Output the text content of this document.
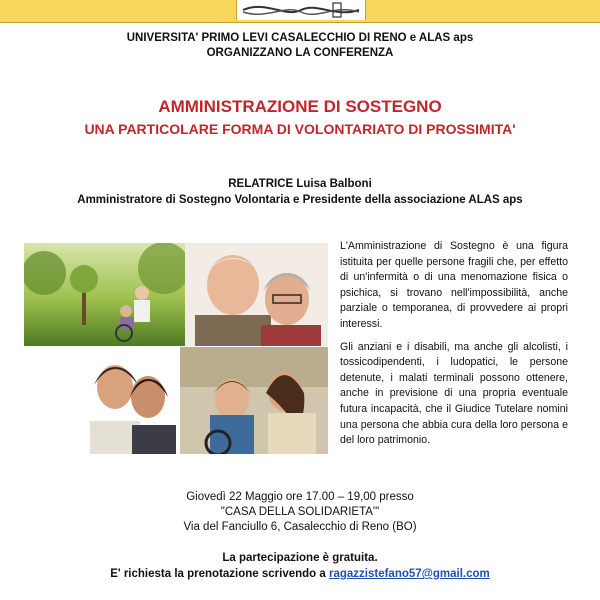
UNIVERSITA' PRIMO LEVI CASALECCHIO DI RENO e ALAS aps
ORGANIZZANO LA CONFERENZA
AMMINISTRAZIONE DI SOSTEGNO
UNA PARTICOLARE FORMA DI VOLONTARIATO DI PROSSIMITA'
RELATRICE Luisa Balboni
Amministratore di Sostegno Volontaria e Presidente della associazione ALAS aps

L'Amministrazione di Sostegno è una figura istituita per quelle persone fragili che, per effetto di un'infermità o di una menomazione fisica o psichica, si trovano nell'impossibilità, anche parziale o temporanea, di provvedere ai propri interessi.

Gli anziani e i disabili, ma anche gli alcolisti, i tossicodipendenti, i ludopatici, le persone detenute, i malati terminali possono ottenere, anche in previsione di una propria eventuale futura incapacità, che il Giudice Tutelare nomini una persona che abbia cura della loro persona e del loro patrimonio.

Giovedì 22 Maggio ore 17.00 – 19,00 presso
"CASA DELLA SOLIDARIETA'"
Via del Fanciullo 6, Casalecchio di Reno (BO)
La partecipazione è gratuita.
E' richiesta la prenotazione scrivendo a ragazzistefano57@gmail.com
